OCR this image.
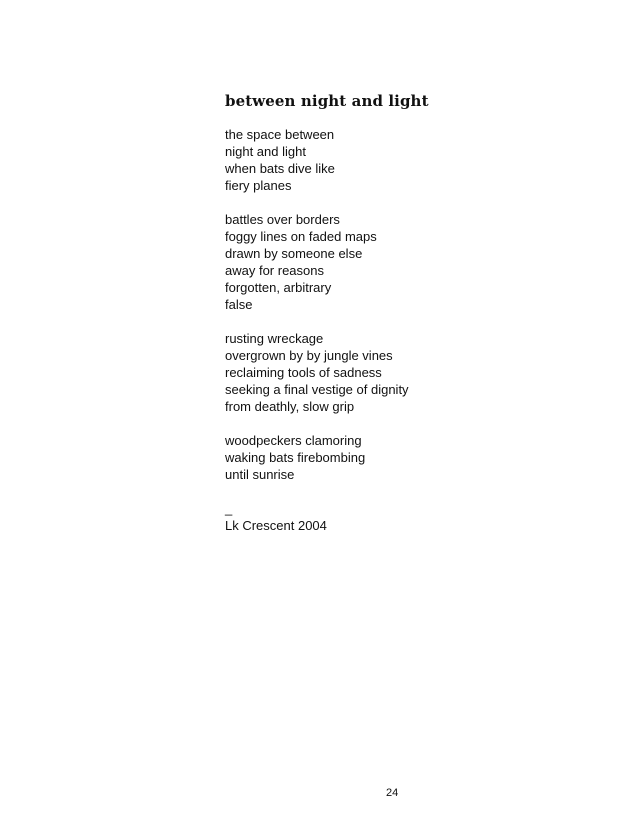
between night and light
the space between
night and light
when bats dive like
fiery planes
battles over borders
foggy lines on faded maps
drawn by someone else
away for reasons
forgotten, arbitrary
false
rusting wreckage
overgrown by by jungle vines
reclaiming tools of sadness
seeking a final vestige of dignity
from deathly, slow grip
woodpeckers clamoring
waking bats firebombing
until sunrise
_
Lk Crescent 2004
24
